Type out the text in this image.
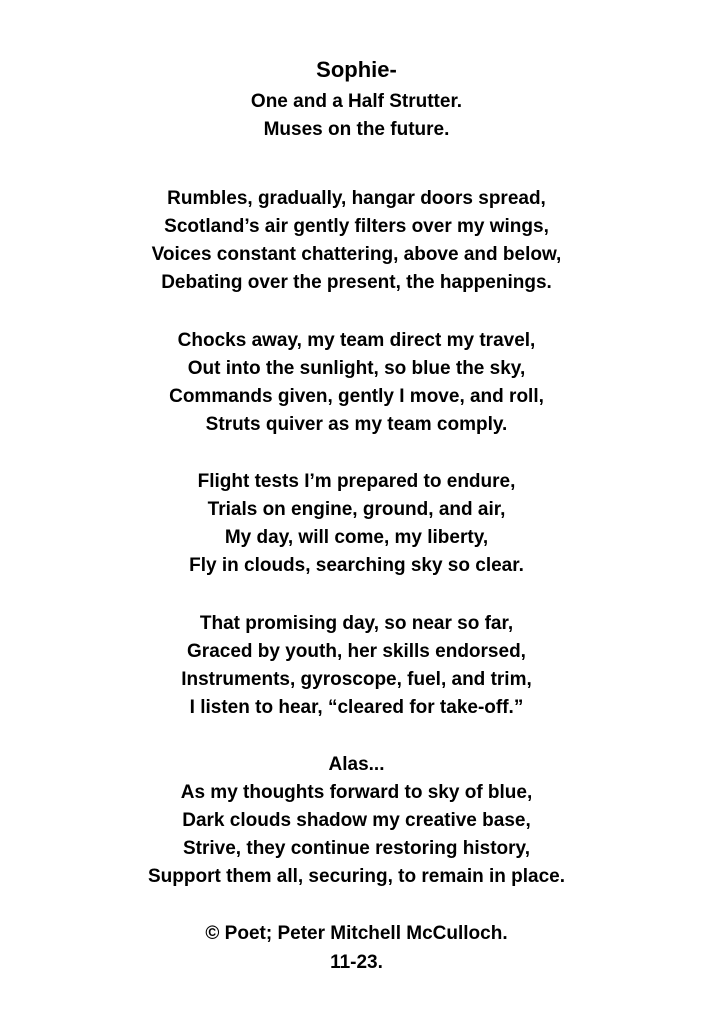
Sophie-
One and a Half Strutter.
Muses on the future.
Rumbles, gradually, hangar doors spread,
Scotland’s air gently filters over my wings,
Voices constant chattering, above and below,
Debating over the present, the happenings.
Chocks away, my team direct my travel,
Out into the sunlight, so blue the sky,
Commands given, gently I move, and roll,
Struts quiver as my team comply.
Flight tests I’m prepared to endure,
Trials on engine, ground, and air,
My day, will come, my liberty,
Fly in clouds, searching sky so clear.
That promising day, so near so far,
Graced by youth, her skills endorsed,
Instruments, gyroscope, fuel, and trim,
I listen to hear, “cleared for take-off.”
Alas...
As my thoughts forward to sky of blue,
Dark clouds shadow my creative base,
Strive, they continue restoring history,
Support them all, securing, to remain in place.
© Poet; Peter Mitchell McCulloch.
11-23.
